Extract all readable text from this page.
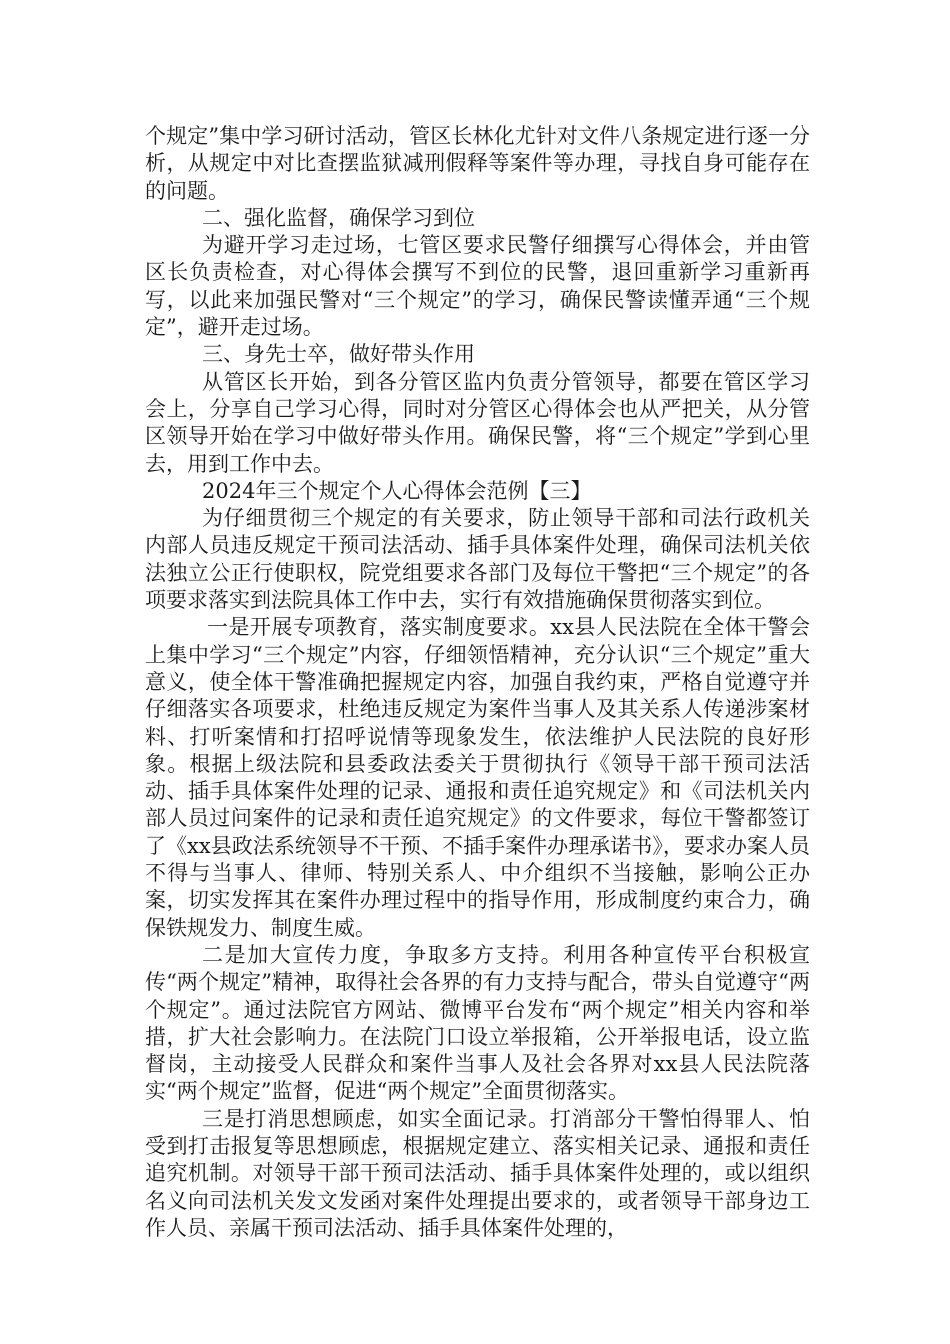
个规定”集中学习研讨活动，管区长林化尤针对文件八条规定进行逐一分析，从规定中对比查摆监狱减刑假释等案件等办理，寻找自身可能存在的问题。

二、强化监督，确保学习到位

为避开学习走过场，七管区要求民警仔细撰写心得体会，并由管区长负责检查，对心得体会撰写不到位的民警，退回重新学习重新再写，以此来加强民警对“三个规定”的学习，确保民警读懂弄通“三个规定”，避开走过场。

三、身先士卒，做好带头作用

从管区长开始，到各分管区监内负责分管领导，都要在管区学习会上，分享自己学习心得，同时对分管区心得体会也从严把关，从分管区领导开始在学习中做好带头作用。确保民警，将“三个规定”学到心里去，用到工作中去。

2024年三个规定个人心得体会范例【三】

为仔细贯彻三个规定的有关要求，防止领导干部和司法行政机关内部人员违反规定干预司法活动、插手具体案件处理，确保司法机关依法独立公正行使职权，院党组要求各部门及每位干警把“三个规定”的各项要求落实到法院具体工作中去，实行有效措施确保贯彻落实到位。

一是开展专项教育，落实制度要求。xx县人民法院在全体干警会上集中学习“三个规定”内容，仔细领悟精神，充分认识“三个规定”重大意义，使全体干警准确把握规定内容，加强自我约束，严格自觉遵守并仔细落实各项要求，杜绝违反规定为案件当事人及其关系人传递涉案材料、打听案情和打招呼说情等现象发生，依法维护人民法院的良好形象。根据上级法院和县委政法委关于贯彻执行《领导干部干预司法活动、插手具体案件处理的记录、通报和责任追究规定》和《司法机关内部人员过问案件的记录和责任追究规定》的文件要求，每位干警都签订了《xx县政法系统领导不干预、不插手案件办理承诺书》，要求办案人员不得与当事人、律师、特别关系人、中介组织不当接触，影响公正办案，切实发挥其在案件办理过程中的指导作用，形成制度约束合力，确保铁规发力、制度生威。

二是加大宣传力度，争取多方支持。利用各种宣传平台积极宣传“两个规定”精神，取得社会各界的有力支持与配合，带头自觉遵守“两个规定”。通过法院官方网站、微博平台发布“两个规定”相关内容和举措，扩大社会影响力。在法院门口设立举报箱，公开举报电话，设立监督岗，主动接受人民群众和案件当事人及社会各界对xx县人民法院落实“两个规定”监督，促进“两个规定”全面贯彻落实。

三是打消思想顾虑，如实全面记录。打消部分干警怕得罪人、怕受到打击报复等思想顾虑，根据规定建立、落实相关记录、通报和责任追究机制。对领导干部干预司法活动、插手具体案件处理的，或以组织名义向司法机关发文发函对案件处理提出要求的，或者领导干部身边工作人员、亲属干预司法活动、插手具体案件处理的，
